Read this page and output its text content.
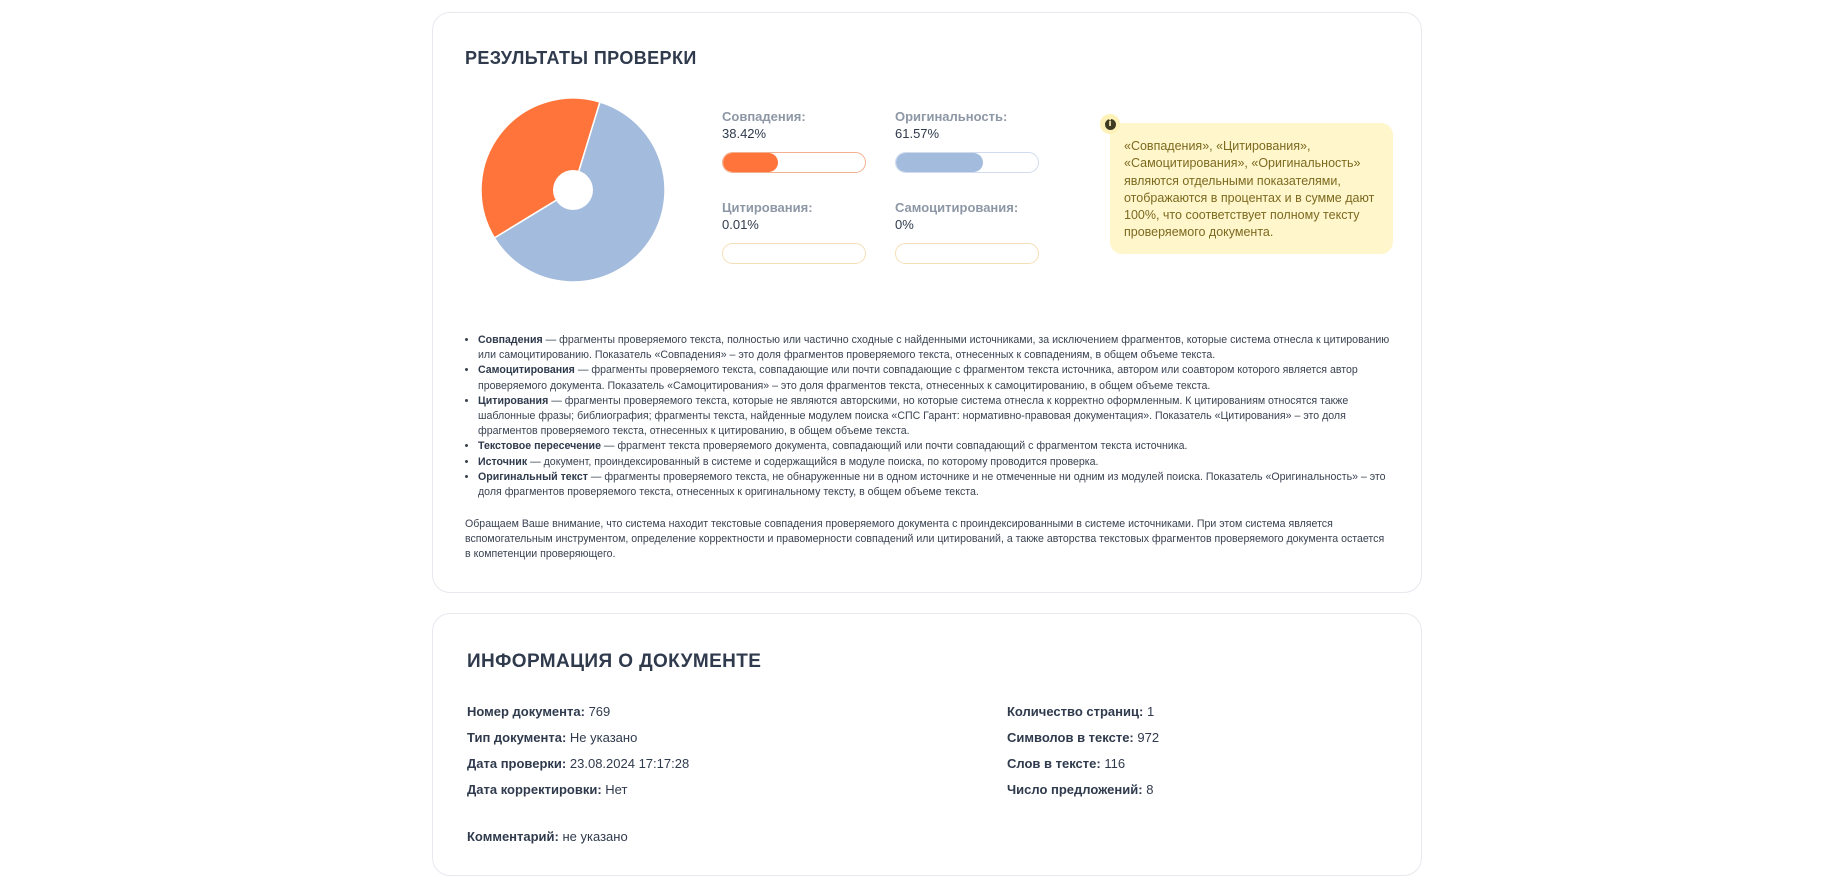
РЕЗУЛЬТАТЫ ПРОВЕРКИ
Совпадения:
38.42%
Оригинальность:
61.57%
Цитирования:
0.01%
Самоцитирования:
0%
«Совпадения», «Цитирования», «Самоцитирования», «Оригинальность» являются отдельными показателями, отображаются в процентах и в сумме дают 100%, что соответствует полному тексту проверяемого документа.
i
• Совпадения — фрагменты проверяемого текста, полностью или частично сходные с найденными источниками, за исключением фрагментов, которые система отнесла к цитированию или самоцитированию. Показатель «Совпадения» – это доля фрагментов проверяемого текста, отнесенных к совпадениям, в общем объеме текста.
• Самоцитирования — фрагменты проверяемого текста, совпадающие или почти совпадающие с фрагментом текста источника, автором или соавтором которого является автор проверяемого документа. Показатель «Самоцитирования» – это доля фрагментов текста, отнесенных к самоцитированию, в общем объеме текста.
• Цитирования — фрагменты проверяемого текста, которые не являются авторскими, но которые система отнесла к корректно оформленным. К цитированиям относятся также шаблонные фразы; библиография; фрагменты текста, найденные модулем поиска «СПС Гарант: нормативно-правовая документация». Показатель «Цитирования» – это доля фрагментов проверяемого текста, отнесенных к цитированию, в общем объеме текста.
• Текстовое пересечение — фрагмент текста проверяемого документа, совпадающий или почти совпадающий с фрагментом текста источника.
• Источник — документ, проиндексированный в системе и содержащийся в модуле поиска, по которому проводится проверка.
• Оригинальный текст — фрагменты проверяемого текста, не обнаруженные ни в одном источнике и не отмеченные ни одним из модулей поиска. Показатель «Оригинальность» – это доля фрагментов проверяемого текста, отнесенных к оригинальному тексту, в общем объеме текста.

Обращаем Ваше внимание, что система находит текстовые совпадения проверяемого документа с проиндексированными в системе источниками. При этом система является вспомогательным инструментом, определение корректности и правомерности совпадений или цитирований, а также авторства текстовых фрагментов проверяемого документа остается в компетенции проверяющего.

ИНФОРМАЦИЯ О ДОКУМЕНТЕ
Номер документа: 769
Тип документа: Не указано
Дата проверки: 23.08.2024 17:17:28
Дата корректировки: Нет
Количество страниц: 1
Символов в тексте: 972
Слов в тексте: 116
Число предложений: 8
Комментарий: не указано
